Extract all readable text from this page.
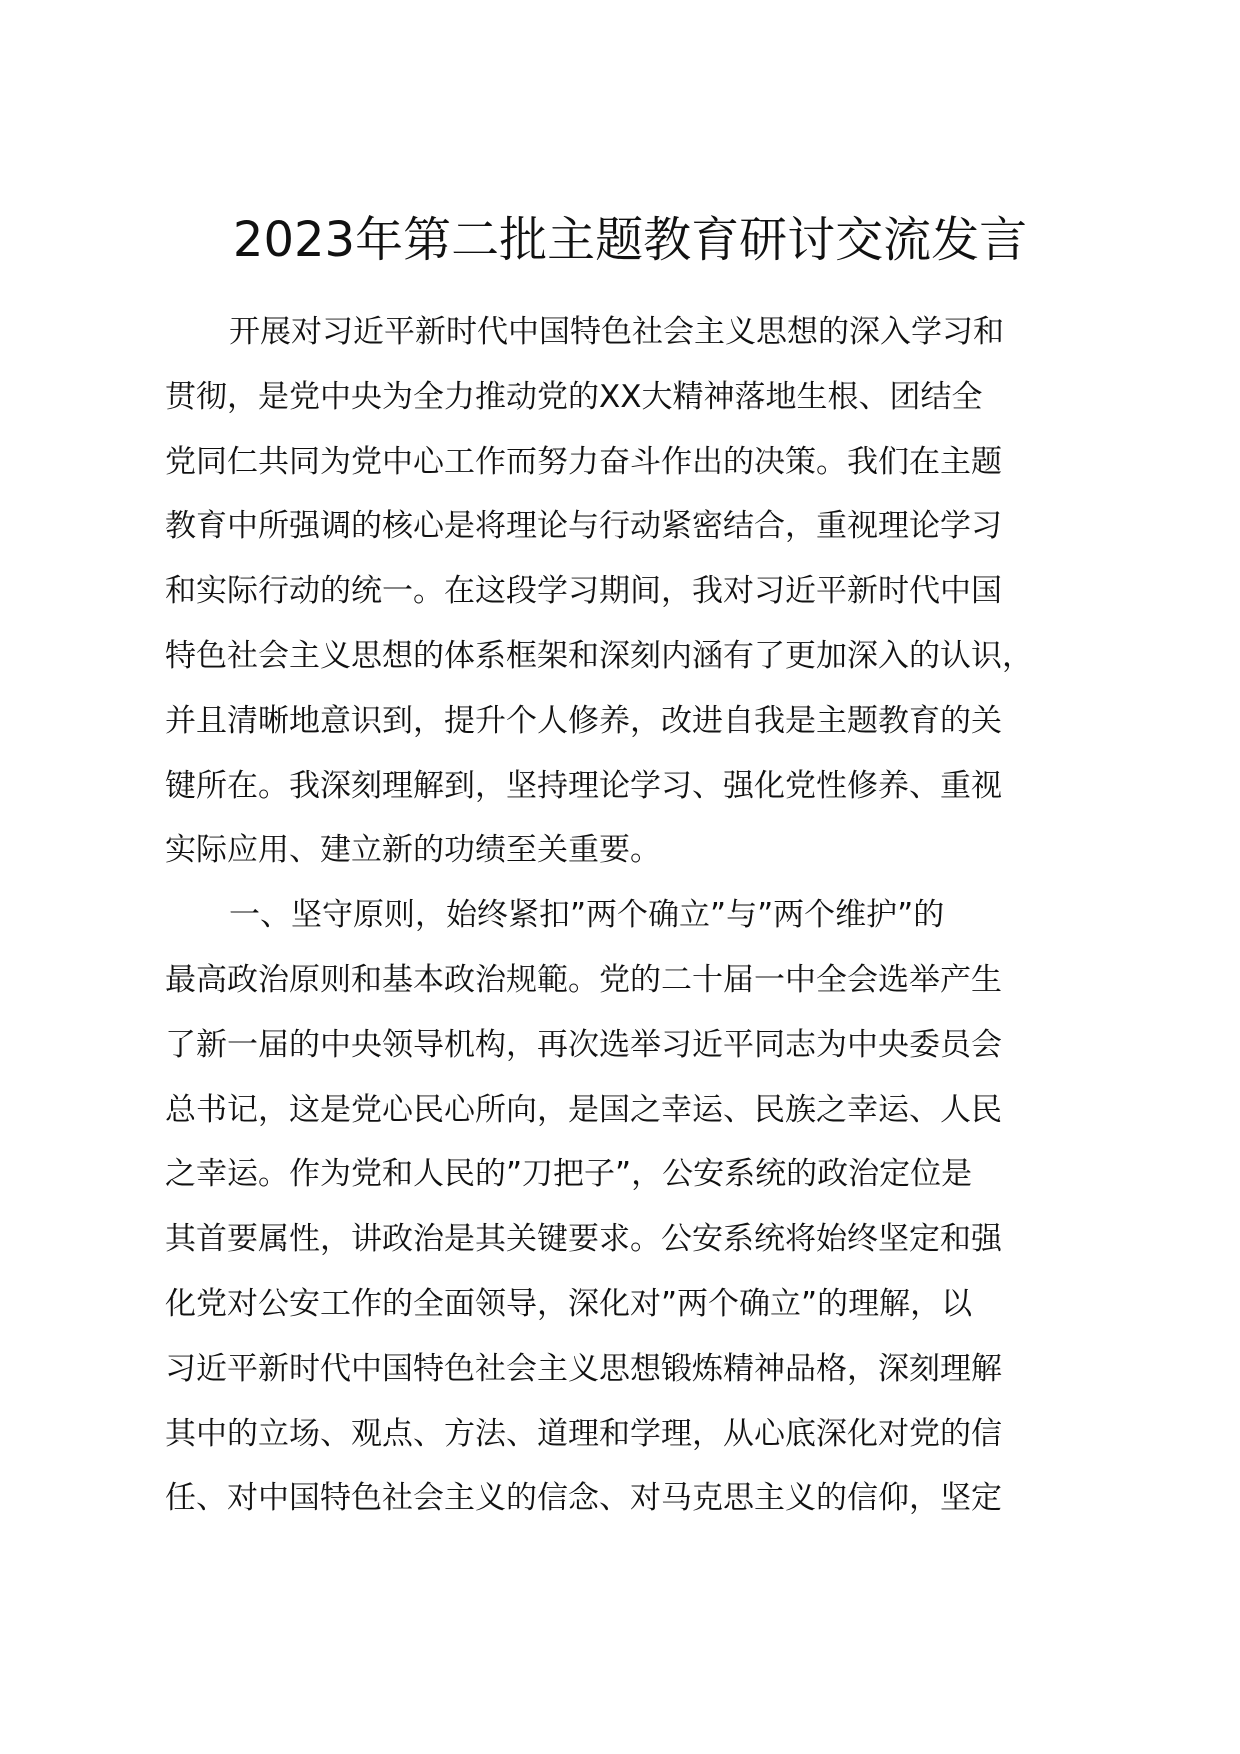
2023年第二批主题教育研讨交流发言

开展对习近平新时代中国特色社会主义思想的深入学习和
贯彻，是党中央为全力推动党的XX大精神落地生根、团结全
党同仁共同为党中心工作而努力奋斗作出的决策。我们在主题
教育中所强调的核心是将理论与行动紧密结合，重视理论学习
和实际行动的统一。在这段学习期间，我对习近平新时代中国
特色社会主义思想的体系框架和深刻内涵有了更加深入的认识，
并且清晰地意识到，提升个人修养，改进自我是主题教育的关
键所在。我深刻理解到，坚持理论学习、强化党性修养、重视
实际应用、建立新的功绩至关重要。

一、坚守原则，始终紧扣”两个确立”与”两个维护”的
最高政治原则和基本政治规範。党的二十届一中全会选举产生
了新一届的中央领导机构，再次选举习近平同志为中央委员会
总书记，这是党心民心所向，是国之幸运、民族之幸运、人民
之幸运。作为党和人民的”刀把子”，公安系统的政治定位是
其首要属性，讲政治是其关键要求。公安系统将始终坚定和强
化党对公安工作的全面领导，深化对”两个确立”的理解，以
习近平新时代中国特色社会主义思想锻炼精神品格，深刻理解
其中的立场、观点、方法、道理和学理，从心底深化对党的信
任、对中国特色社会主义的信念、对马克思主义的信仰，坚定
